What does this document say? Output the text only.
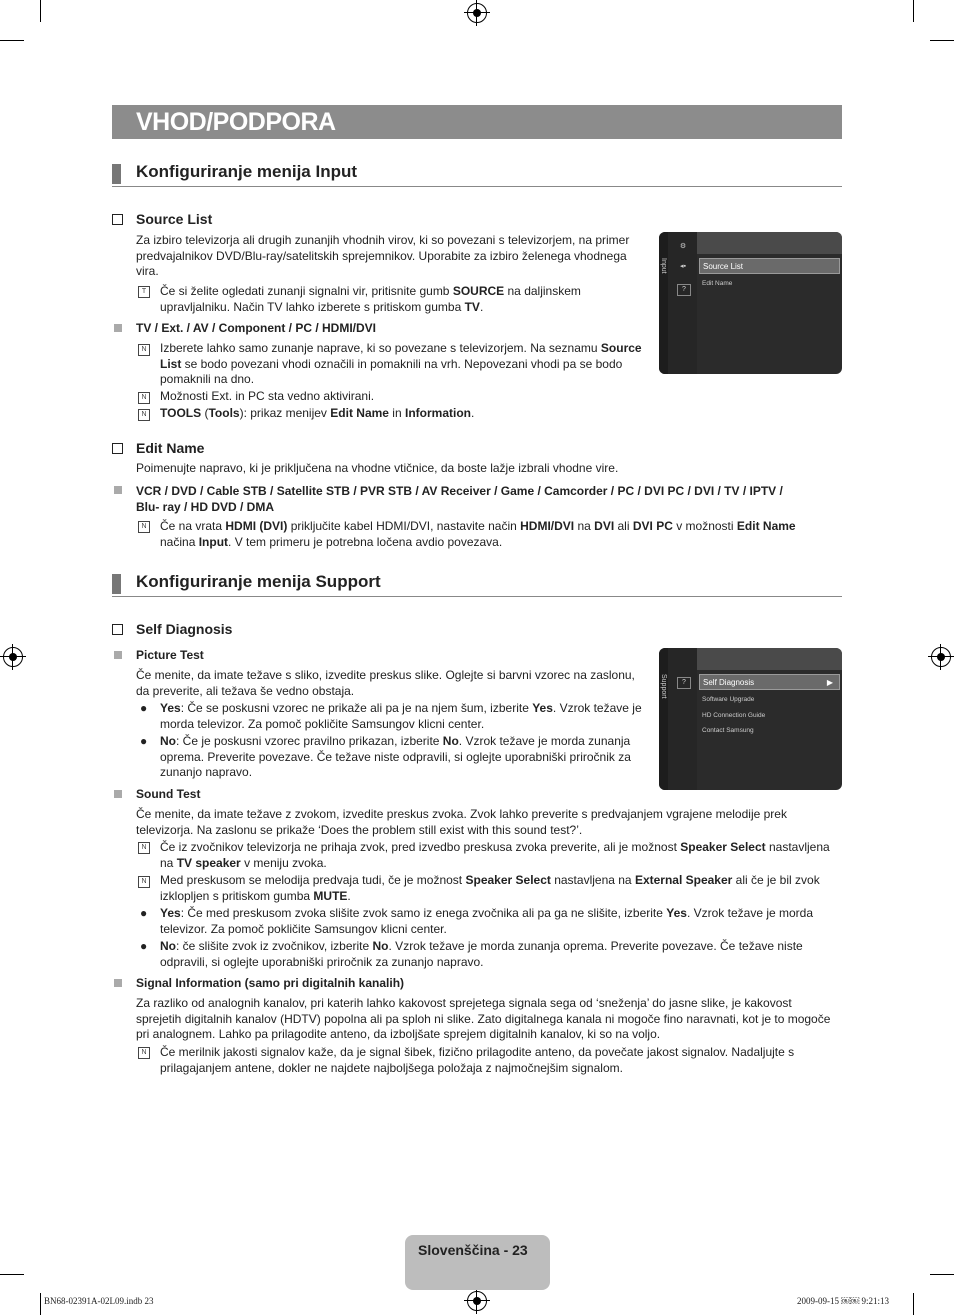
VHOD/PODPORA
Konfiguriranje menija Input
Source List
Za izbiro televizorja ali drugih zunanjih vhodnih virov, ki so povezani s televizorjem, na primer
predvajalnikov DVD/Blu-ray/satelitskih sprejemnikov. Uporabite za izbiro želenega vhodnega
vira.
T	Če si želite ogledati zunanji signalni vir, pritisnite gumb SOURCE na daljinskem
upravljalniku. Način TV lahko izberete s pritiskom gumba TV.
TV / Ext. / AV / Component / PC / HDMI/DVI
N Izberete lahko samo zunanje naprave, ki so povezane s televizorjem. Na seznamu Source
List se bodo povezani vhodi označili in pomaknili na vrh. Nepovezani vhodi pa se bodo
pomaknili na dno.
N Možnosti Ext. in PC sta vedno aktivirani.
N TOOLS (Tools): prikaz menijev Edit Name in Information.
Input
⚙
◂▪
?
Source List
Edit Name
Edit Name
Poimenujte napravo, ki je priključena na vhodne vtičnice, da boste lažje izbrali vhodne vire.
VCR / DVD / Cable STB / Satellite STB / PVR STB / AV Receiver / Game / Camcorder / PC / DVI PC / DVI / TV / IPTV /
Blu- ray / HD DVD / DMA
N Če na vrata HDMI (DVI) priključite kabel HDMI/DVI, nastavite način HDMI/DVI na DVI ali DVI PC v možnosti Edit Name
načina Input. V tem primeru je potrebna ločena avdio povezava.
Konfiguriranje menija Support
Self Diagnosis
Picture Test
Če menite, da imate težave s sliko, izvedite preskus slike. Oglejte si barvni vzorec na zaslonu,
da preverite, ali težava še vedno obstaja.
● Yes: Če se poskusni vzorec ne prikaže ali pa je na njem šum, izberite Yes. Vzrok težave je
morda televizor. Za pomoč pokličite Samsungov klicni center.
● No: Če je poskusni vzorec pravilno prikazan, izberite No. Vzrok težave je morda zunanja
oprema. Preverite povezave. Če težave niste odpravili, si oglejte uporabniški priročnik za
zunanjo napravo.
Support	?	Self Diagnosis	▶
Software Upgrade
HD Connection Guide
Contact Samsung
Sound Test
Če menite, da imate težave z zvokom, izvedite preskus zvoka. Zvok lahko preverite s predvajanjem vgrajene melodije prek
televizorja. Na zaslonu se prikaže ‘Does the problem still exist with this sound test?’.
N Če iz zvočnikov televizorja ne prihaja zvok, pred izvedbo preskusa zvoka preverite, ali je možnost Speaker Select nastavljena
na TV speaker v meniju zvoka.
N Med preskusom se melodija predvaja tudi, če je možnost Speaker Select nastavljena na External Speaker ali če je bil zvok
izklopljen s pritiskom gumba MUTE.
● Yes: Če med preskusom zvoka slišite zvok samo iz enega zvočnika ali pa ga ne slišite, izberite Yes. Vzrok težave je morda
televizor. Za pomoč pokličite Samsungov klicni center.
● No: če slišite zvok iz zvočnikov, izberite No. Vzrok težave je morda zunanja oprema. Preverite povezave. Če težave niste
odpravili, si oglejte uporabniški priročnik za zunanjo napravo.
Signal Information (samo pri digitalnih kanalih)
Za razliko od analognih kanalov, pri katerih lahko kakovost sprejetega signala sega od ‘sneženja’ do jasne slike, je kakovost
sprejetih digitalnih kanalov (HDTV) popolna ali pa sploh ni slike. Zato digitalnega kanala ni mogoče fino naravnati, kot je to mogoče
pri analognem. Lahko pa prilagodite anteno, da izboljšate sprejem digitalnih kanalov, ki so na voljo.
N Če merilnik jakosti signalov kaže, da je signal šibek, fizično prilagodite anteno, da povečate jakost signalov. Nadaljujte s
prilagajanjem antene, dokler ne najdete najboljšega položaja z najmočnejšim signalom.
Slovenščina - 23
BN68-02391A-02L09.indb 23	2009-09-15 ￼￼ 9:21:13
